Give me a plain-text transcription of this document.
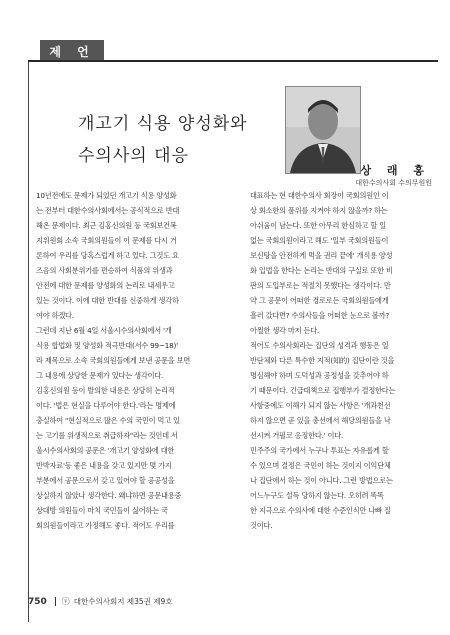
제 언
개고기 식용 양성화와
수의사의 대응
상 래 홍
대한수의사회 수의무원원
10년전에도 문제가 되었던 개고기 식용 양성화
는 전부터 대한수의사회에서는 공식적으로 반대
해온 문제이다. 최근 김홍신의원 등 국회보건복
지위원회 소속 국회의원들이 이 문제를 다시 거
론하여 우리를 당혹스럽게 하고 있다. 그것도 요
즈음의 사회분위기를 편승하여 식품의 위생과
안전에 대한 문제를 양성화의 논리로 내세우고
있는 것이다. 이에 대한 반대를 신중하게 생각하
여야 하겠다.
그런데 지난 6월 4일 서울시수의사회에서 '개
식용 합법화 및 양성화 적극반대(서수 99~18)'
라 제목으로 소속 국회의원들에게 보낸 공문을 보면
그 내용에 상당한 문제가 있다는 생각이다.
김홍신의원 등이 발의한 내용은 상당히 논리적
이다. '법은 현실을 다루어야 한다.'라는 명제에
충실하여 "현실적으로 많은 수의 국민이 먹고 있
는 고기를 위생적으로 취급하자"라는 것인데 서
울시수의사회의 공문은 '개고기 양성화에 대한
반박자료'등 좋은 내용을 갖고 있지만 몇 가지
부분에서 공문으로서 갖고 있어야 할 공공성을
상실하지 않았나 생각한다. 왜냐하면 공문내용중
상대방 의원들이 마치 국민들이 싫어하는 국
회의원들이라고 가정해도 좋다. 적어도 우리를
대표하는 현 대한수의사 회장이 국회의원인 이
상 회소한의 품위를 지켜야 하지 않을까? 하는
아쉬움이 남는다. 또한 아무리 한심하고 할 일
없는 국회의원이라고 해도 '일부 국회의원들이
보신탕을 안전하게 먹을 권리 끝에' 개식용 양성
화 입법을 한다는 논리는 반대의 구실로 또한 비
판의 도입부로는 적절치 못했다는 생각이다. 만
약 그 공문이 어떠한 경로로든 국회의원들에게
흘러 갔다면? 수의사들을 어떠한 눈으로 볼까?
아찔한 생각 마저 든다.
적어도 수의사회라는 집단의 성격과 행동은 일
반단체와 다른 특수한 지적(知的) 집단이란 것을
명심해야 하며 도덕성과 공정성을 갖추어야 하
기 때문이다. 긴급대책으로 집행부가 결정한다는
사항중에도 이해가 되지 않는 사항은 '개과천선
하지 않으면 곧 있을 총선에서 해당의원들을 낙
선시켜 거필코 응징한다.' 이다.
민주주의 국가에서 누구나 투표는 자유롭게 할
수 있으며 결정은 국민이 하는 것이지 이익단체
나 집단에서 하는 것이 아니다. 그런 방법으로는
어느누구도 설득 당하지 않는다. 오히려 똑똑
한 지극으로 수의사에 대한 수준인식만 나빠 질
것이다.
750 ⓥ 대한수의사회지 제35권 제9호
